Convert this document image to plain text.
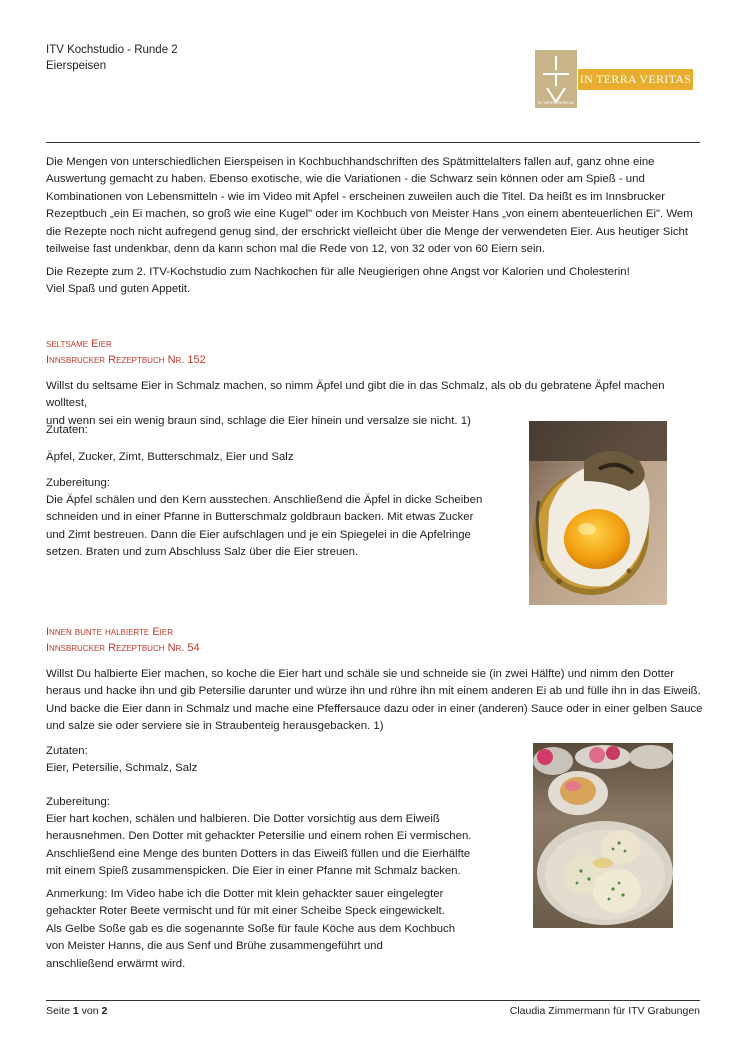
ITV Kochstudio - Runde 2
Eierspeisen
IN TERRA VERITAS
IN TERRA VERITAS
Die Mengen von unterschiedlichen Eierspeisen in Kochbuchhandschriften des Spätmittelalters fallen auf, ganz ohne eine
Auswertung gemacht zu haben. Ebenso exotische, wie die Variationen - die Schwarz sein können oder am Spieß - und
Kombinationen von Lebensmitteln - wie im Video mit Apfel - erscheinen zuweilen auch die Titel. Da heißt es im Innsbrucker
Rezeptbuch „ein Ei machen, so groß wie eine Kugel" oder im Kochbuch von Meister Hans „von einem abenteuerlichen Ei". Wem
die Rezepte noch nicht aufregend genug sind, der erschrickt vielleicht über die Menge der verwendeten Eier. Aus heutiger Sicht
teilweise fast undenkbar, denn da kann schon mal die Rede von 12, von 32 oder von 60 Eiern sein.
Die Rezepte zum 2. ITV-Kochstudio zum Nachkochen für alle Neugierigen ohne Angst vor Kalorien und Cholesterin!
Viel Spaß und guten Appetit.
seltsame Eier
Innsbrucker Rezeptbuch Nr. 152
Willst du seltsame Eier in Schmalz machen, so nimm Äpfel und gibt die in das Schmalz, als ob du gebratene Äpfel machen wolltest,
und wenn sei ein wenig braun sind, schlage die Eier hinein und versalze sie nicht. 1)
Zutaten:
Äpfel, Zucker, Zimt, Butterschmalz, Eier und Salz
Zubereitung:
Die Äpfel schälen und den Kern ausstechen. Anschließend die Äpfel in dicke Scheiben
schneiden und in einer Pfanne in Butterschmalz goldbraun backen. Mit etwas Zucker
und Zimt bestreuen. Dann die Eier aufschlagen und je ein Spiegelei in die Apfelringe
setzen. Braten und zum Abschluss Salz über die Eier streuen.
Innen bunte halbierte Eier
Innsbrucker Rezeptbuch Nr. 54
Willst Du halbierte Eier machen, so koche die Eier hart und schäle sie und schneide sie (in zwei Hälfte) und nimm den Dotter
heraus und hacke ihn und gib Petersilie darunter und würze ihn und rühre ihn mit einem anderen Ei ab und fülle ihn in das Eiweiß.
Und backe die Eier dann in Schmalz und mache eine Pfeffersauce dazu oder in einer (anderen) Sauce oder in einer gelben Sauce
und salze sie oder serviere sie in Straubenteig herausgebacken. 1)
Zutaten:
Eier, Petersilie, Schmalz, Salz
Zubereitung:
Eier hart kochen, schälen und halbieren. Die Dotter vorsichtig aus dem Eiweiß
herausnehmen. Den Dotter mit gehackter Petersilie und einem rohen Ei vermischen.
Anschließend eine Menge des bunten Dotters in das Eiweiß füllen und die Eierhälfte
mit einem Spieß zusammenspicken. Die Eier in einer Pfanne mit Schmalz backen.
Anmerkung: Im Video habe ich die Dotter mit klein gehackter sauer eingelegter
gehackter Roter Beete vermischt und für mit einer Scheibe Speck eingewickelt.
Als Gelbe Soße gab es die sogenannte Soße für faule Köche aus dem Kochbuch
von Meister Hanns, die aus Senf und Brühe zusammengeführt und
anschließend erwärmt wird.
Seite 1 von 2	Claudia Zimmermann für ITV Grabungen
